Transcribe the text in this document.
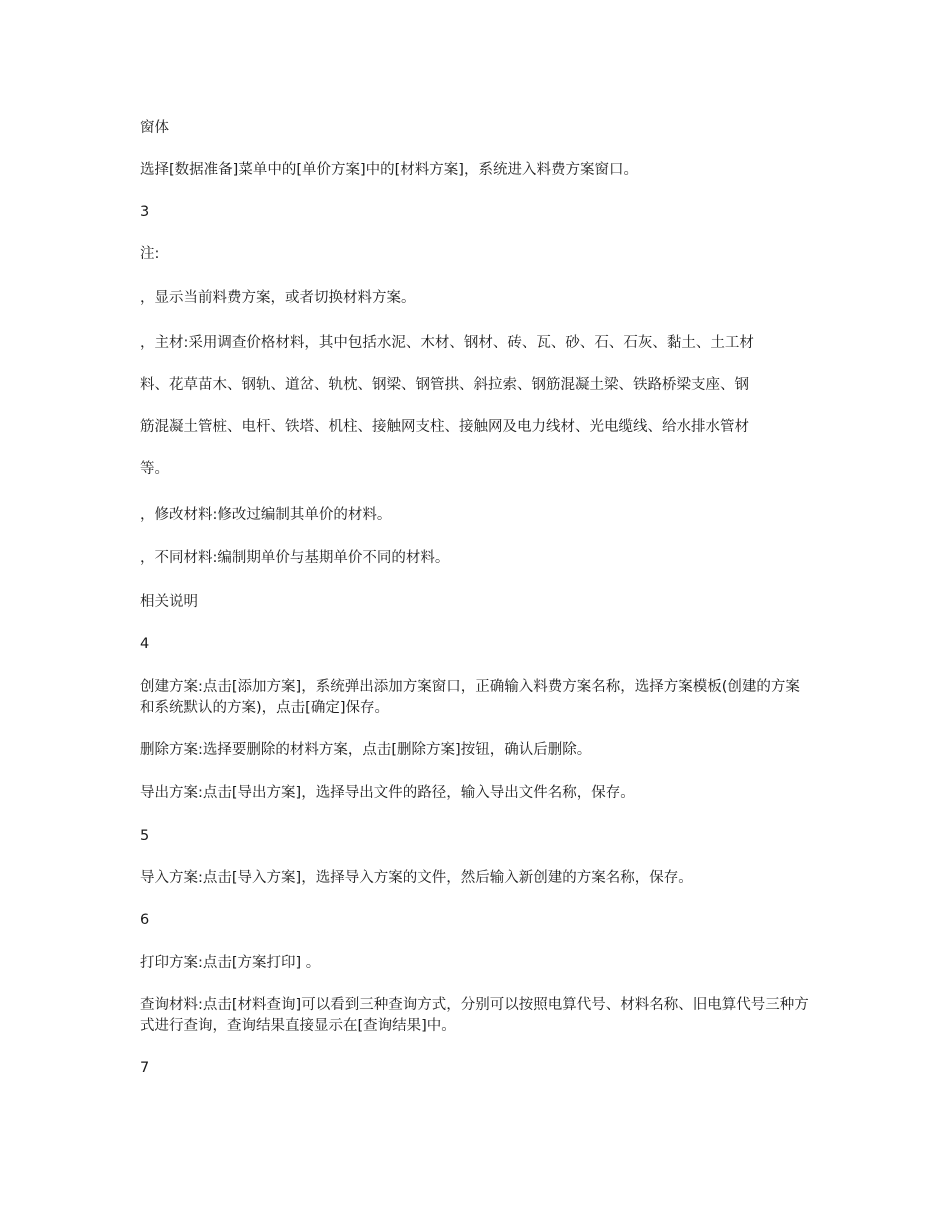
窗体

选择[数据准备]菜单中的[单价方案]中的[材料方案]，系统进入料费方案窗口。

3

注:

，显示当前料费方案，或者切换材料方案。

，主材:采用调查价格材料，其中包括水泥、木材、钢材、砖、瓦、砂、石、石灰、黏土、土工材

料、花草苗木、钢轨、道岔、轨枕、钢梁、钢管拱、斜拉索、钢筋混凝土梁、铁路桥梁支座、钢

筋混凝土管桩、电杆、铁塔、机柱、接触网支柱、接触网及电力线材、光电缆线、给水排水管材

等。

，修改材料:修改过编制其单价的材料。

，不同材料:编制期单价与基期单价不同的材料。

相关说明

4

创建方案:点击[添加方案]，系统弹出添加方案窗口，正确输入料费方案名称，选择方案模板(创建的方案和系统默认的方案)，点击[确定]保存。

删除方案:选择要删除的材料方案，点击[删除方案]按钮，确认后删除。

导出方案:点击[导出方案]，选择导出文件的路径，输入导出文件名称，保存。

5

导入方案:点击[导入方案]，选择导入方案的文件，然后输入新创建的方案名称，保存。

6

打印方案:点击[方案打印] 。

查询材料:点击[材料查询]可以看到三种查询方式，分别可以按照电算代号、材料名称、旧电算代号三种方式进行查询，查询结果直接显示在[查询结果]中。

7
